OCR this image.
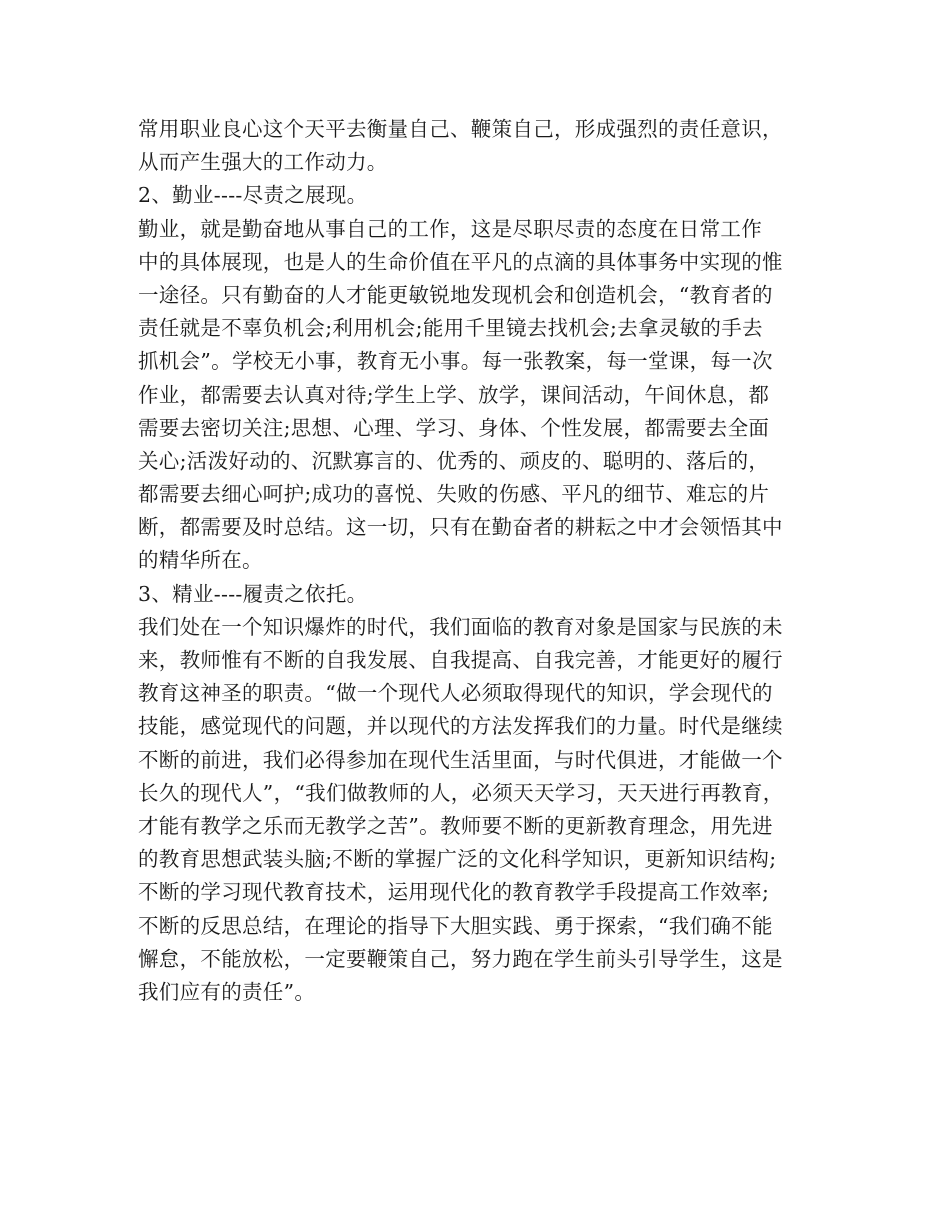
常用职业良心这个天平去衡量自己、鞭策自己，形成强烈的责任意识，
从而产生强大的工作动力。
2、勤业----尽责之展现。
勤业，就是勤奋地从事自己的工作，这是尽职尽责的态度在日常工作
中的具体展现，也是人的生命价值在平凡的点滴的具体事务中实现的惟
一途径。只有勤奋的人才能更敏锐地发现机会和创造机会，“教育者的
责任就是不辜负机会;利用机会;能用千里镜去找机会;去拿灵敏的手去
抓机会”。学校无小事，教育无小事。每一张教案，每一堂课，每一次
作业，都需要去认真对待;学生上学、放学，课间活动，午间休息，都
需要去密切关注;思想、心理、学习、身体、个性发展，都需要去全面
关心;活泼好动的、沉默寡言的、优秀的、顽皮的、聪明的、落后的，
都需要去细心呵护;成功的喜悦、失败的伤感、平凡的细节、难忘的片
断，都需要及时总结。这一切，只有在勤奋者的耕耘之中才会领悟其中
的精华所在。
3、精业----履责之依托。
我们处在一个知识爆炸的时代，我们面临的教育对象是国家与民族的未
来，教师惟有不断的自我发展、自我提高、自我完善，才能更好的履行
教育这神圣的职责。“做一个现代人必须取得现代的知识，学会现代的
技能，感觉现代的问题，并以现代的方法发挥我们的力量。时代是继续
不断的前进，我们必得参加在现代生活里面，与时代俱进，才能做一个
长久的现代人”，“我们做教师的人，必须天天学习，天天进行再教育，
才能有教学之乐而无教学之苦”。教师要不断的更新教育理念，用先进
的教育思想武装头脑;不断的掌握广泛的文化科学知识，更新知识结构;
不断的学习现代教育技术，运用现代化的教育教学手段提高工作效率;
不断的反思总结，在理论的指导下大胆实践、勇于探索，“我们确不能
懈怠，不能放松，一定要鞭策自己，努力跑在学生前头引导学生，这是
我们应有的责任”。
